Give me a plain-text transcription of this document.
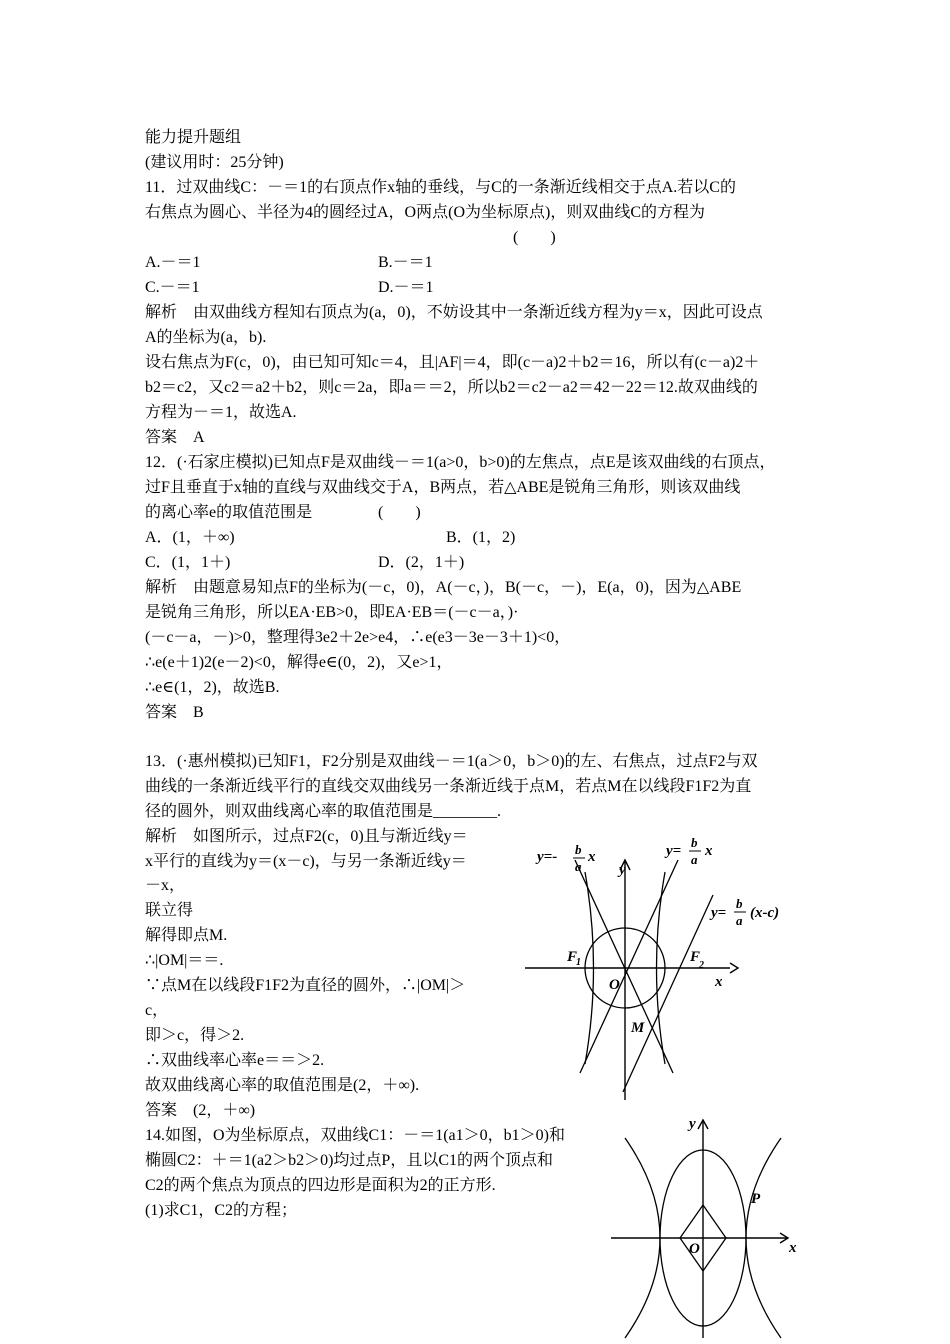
能力提升题组
(建议用时：25分钟)
11．过双曲线C：－＝1的右顶点作x轴的垂线，与C的一条渐近线相交于点A.若以C的
右焦点为圆心、半径为4的圆经过A，O两点(O为坐标原点)，则双曲线C的方程为
A.－＝1
C.－＝1
解析　由双曲线方程知右顶点为(a，0)，不妨设其中一条渐近线方程为y＝x，因此可设点
A的坐标为(a，b).
设右焦点为F(c，0)，由已知可知c＝4，且|AF|＝4，即(c－a)2＋b2＝16，所以有(c－a)2＋
b2＝c2，又c2＝a2＋b2，则c＝2a，即a＝＝2，所以b2＝c2－a2＝42－22＝12.故双曲线的
方程为－＝1，故选A.
答案　A
12．(·石家庄模拟)已知点F是双曲线－＝1(a>0，b>0)的左焦点，点E是该双曲线的右顶点，
过F且垂直于x轴的直线与双曲线交于A，B两点，若△ABE是锐角三角形，则该双曲线
的离心率e的取值范围是
A．(1，＋∞)
C．(1，1＋)
解析　由题意易知点F的坐标为(－c，0)，A(－c，)，B(－c，－)，E(a，0)，因为△ABE
是锐角三角形，所以EA·EB>0，即EA·EB＝(－c－a，)·
(－c－a，－)>0，整理得3e2＋2e>e4，∴e(e3－3e－3＋1)<0，
∴e(e＋1)2(e－2)<0，解得e∈(0，2)，又e>1，
∴e∈(1，2)，故选B.
答案　B
13．(·惠州模拟)已知F1，F2分别是双曲线－＝1(a＞0，b＞0)的左、右焦点，过点F2与双
曲线的一条渐近线平行的直线交双曲线另一条渐近线于点M，若点M在以线段F1F2为直
径的圆外，则双曲线离心率的取值范围是________.
解析　如图所示，过点F2(c，0)且与渐近线y＝
x平行的直线为y＝(x－c)，与另一条渐近线y＝
－x，
联立得
解得即点M.
∴|OM|＝＝.
∵点M在以线段F1F2为直径的圆外，∴|OM|＞
c，
即＞c，得＞2.
∴双曲线率心率e＝＝＞2.
故双曲线离心率的取值范围是(2，＋∞).
答案　(2，＋∞)
14.如图，O为坐标原点，双曲线C1：－＝1(a1＞0，b1＞0)和
椭圆C2：＋＝1(a2＞b2＞0)均过点P，且以C1的两个顶点和
C2的两个焦点为顶点的四边形是面积为2的正方形.
(1)求C1，C2的方程；
(　　)
B.－＝1
D.－＝1
(　　)
B．(1，2)
D．(2，1＋)
y=- b
a
x	y=
b
a
x
y=
b
a (x-c)
y
x
F
1	F
2
O
M
y
x
O
P
